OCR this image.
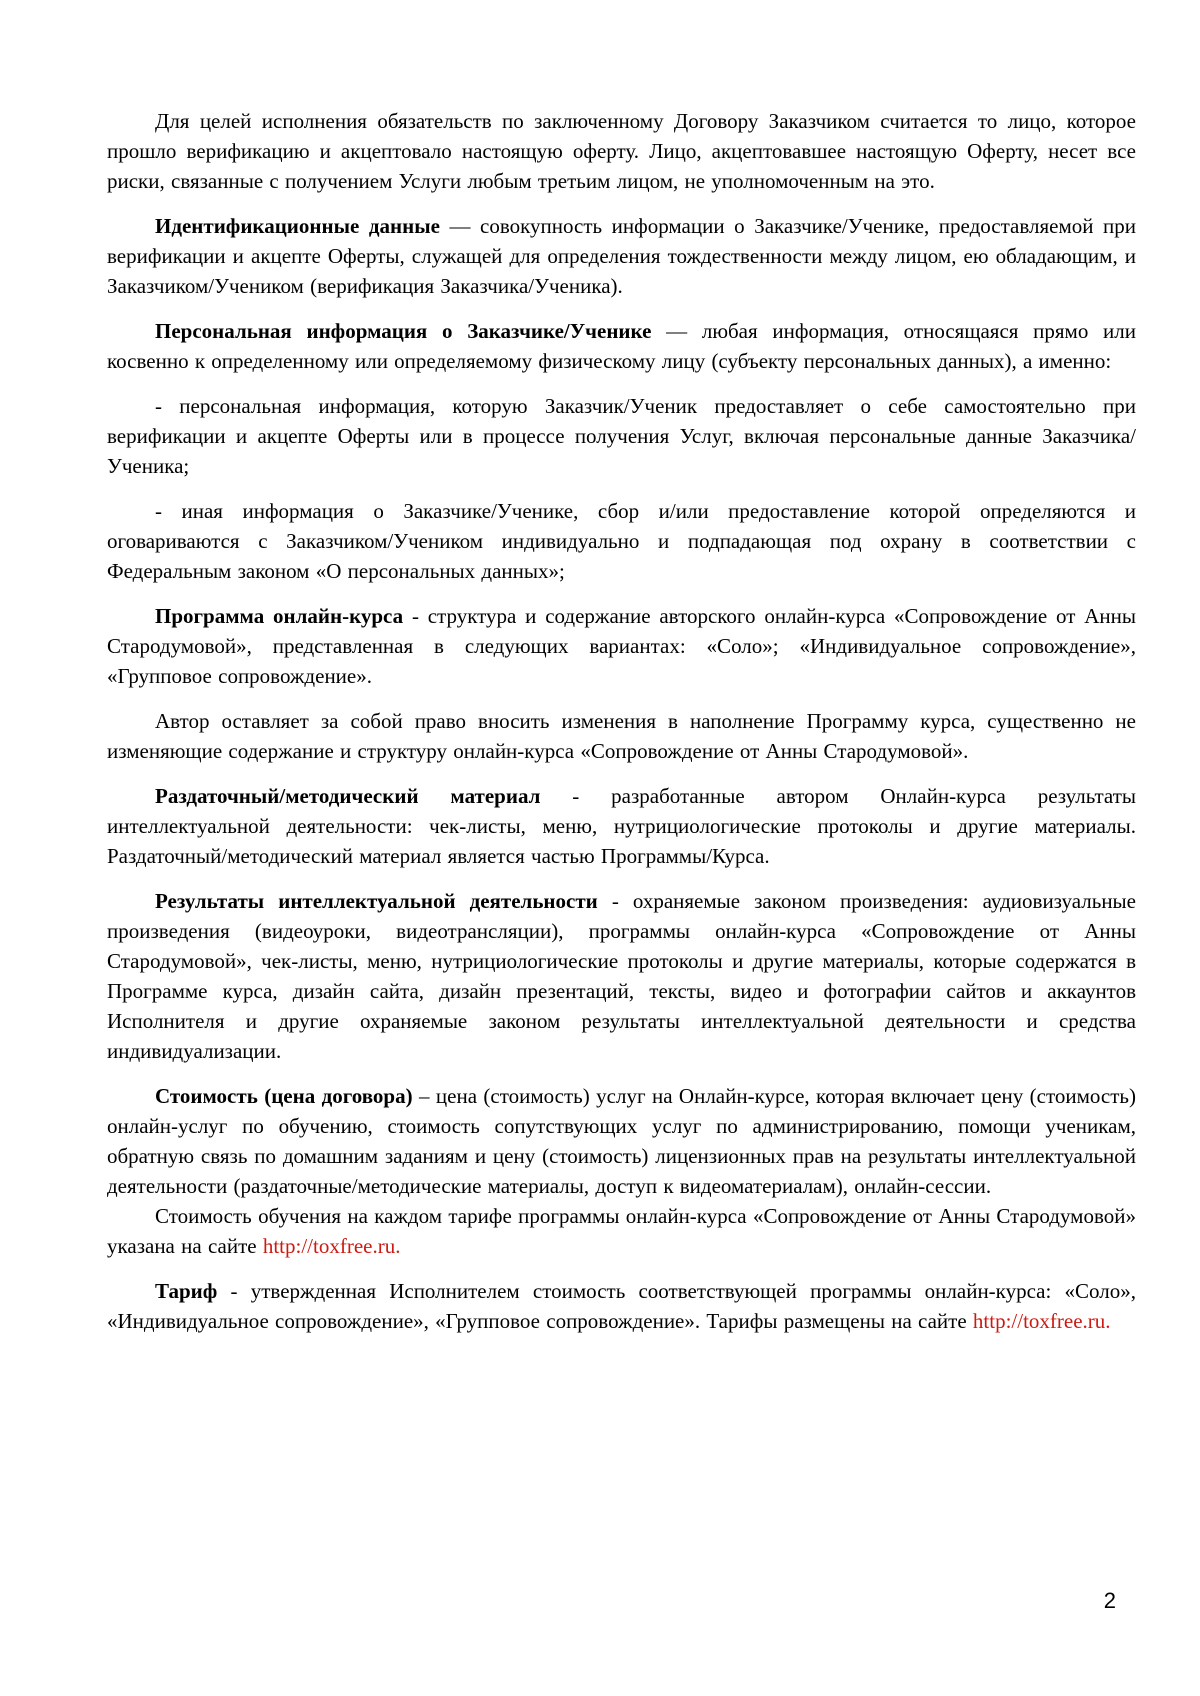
Для целей исполнения обязательств по заключенному Договору Заказчиком считается то лицо, которое прошло верификацию и акцептовало настоящую оферту. Лицо, акцептовавшее настоящую Оферту, несет все риски, связанные с получением Услуги любым третьим лицом, не уполномоченным на это.

Идентификационные данные — совокупность информации о Заказчике/Ученике, предоставляемой при верификации и акцепте Оферты, служащей для определения тождественности между лицом, ею обладающим, и Заказчиком/Учеником (верификация Заказчика/Ученика).

Персональная информация о Заказчике/Ученике — любая информация, относящаяся прямо или косвенно к определенному или определяемому физическому лицу (субъекту персональных данных), а именно:

- персональная информация, которую Заказчик/Ученик предоставляет о себе самостоятельно при верификации и акцепте Оферты или в процессе получения Услуг, включая персональные данные Заказчика/Ученика;

- иная информация о Заказчике/Ученике, сбор и/или предоставление которой определяются и оговариваются с Заказчиком/Учеником индивидуально и подпадающая под охрану в соответствии с Федеральным законом «О персональных данных»;

Программа онлайн-курса - структура и содержание авторского онлайн-курса «Сопровождение от Анны Стародумовой», представленная в следующих вариантах: «Соло»; «Индивидуальное сопровождение», «Групповое сопровождение».

Автор оставляет за собой право вносить изменения в наполнение Программу курса, существенно не изменяющие содержание и структуру онлайн-курса «Сопровождение от Анны Стародумовой».

Раздаточный/методический материал - разработанные автором Онлайн-курса результаты интеллектуальной деятельности: чек-листы, меню, нутрициологические протоколы и другие материалы. Раздаточный/методический материал является частью Программы/Курса.

Результаты интеллектуальной деятельности - охраняемые законом произведения: аудиовизуальные произведения (видеоуроки, видеотрансляции), программы онлайн-курса «Сопровождение от Анны Стародумовой», чек-листы, меню, нутрициологические протоколы и другие материалы, которые содержатся в Программе курса, дизайн сайта, дизайн презентаций, тексты, видео и фотографии сайтов и аккаунтов Исполнителя и другие охраняемые законом результаты интеллектуальной деятельности и средства индивидуализации.

Стоимость (цена договора) – цена (стоимость) услуг на Онлайн-курсе, которая включает цену (стоимость) онлайн-услуг по обучению, стоимость сопутствующих услуг по администрированию, помощи ученикам, обратную связь по домашним заданиям и цену (стоимость) лицензионных прав на результаты интеллектуальной деятельности (раздаточные/методические материалы, доступ к видеоматериалам), онлайн-сессии.

Стоимость обучения на каждом тарифе программы онлайн-курса «Сопровождение от Анны Стародумовой» указана на сайте http://toxfree.ru.

Тариф - утвержденная Исполнителем стоимость соответствующей программы онлайн-курса: «Соло», «Индивидуальное сопровождение», «Групповое сопровождение». Тарифы размещены на сайте http://toxfree.ru.

2
